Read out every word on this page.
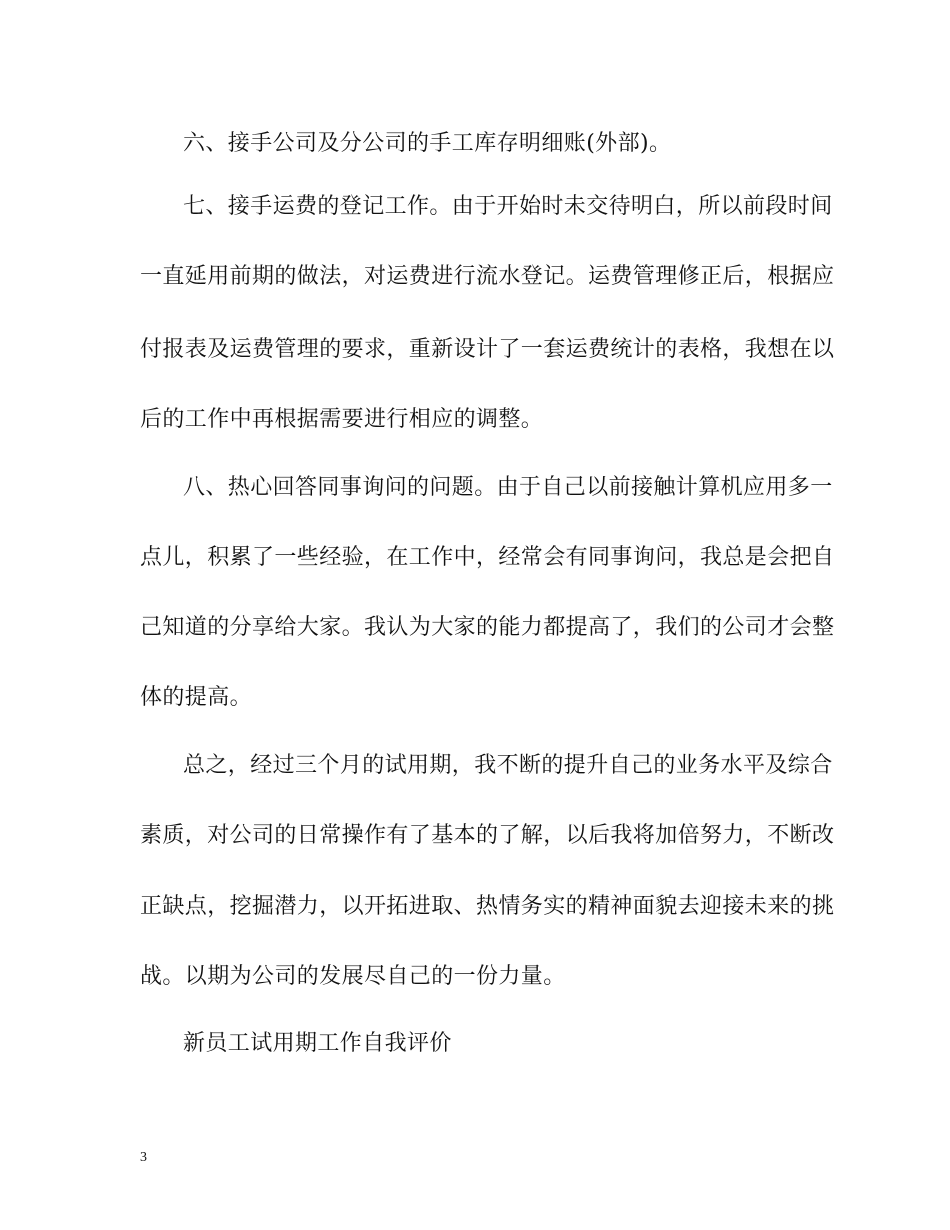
六、接手公司及分公司的手工库存明细账(外部)。
七、接手运费的登记工作。由于开始时未交待明白，所以前段时间
一直延用前期的做法，对运费进行流水登记。运费管理修正后，根据应
付报表及运费管理的要求，重新设计了一套运费统计的表格，我想在以
后的工作中再根据需要进行相应的调整。
八、热心回答同事询问的问题。由于自己以前接触计算机应用多一
点儿，积累了一些经验，在工作中，经常会有同事询问，我总是会把自
己知道的分享给大家。我认为大家的能力都提高了，我们的公司才会整
体的提高。
总之，经过三个月的试用期，我不断的提升自己的业务水平及综合
素质，对公司的日常操作有了基本的了解，以后我将加倍努力，不断改
正缺点，挖掘潜力，以开拓进取、热情务实的精神面貌去迎接未来的挑
战。以期为公司的发展尽自己的一份力量。
新员工试用期工作自我评价
3
